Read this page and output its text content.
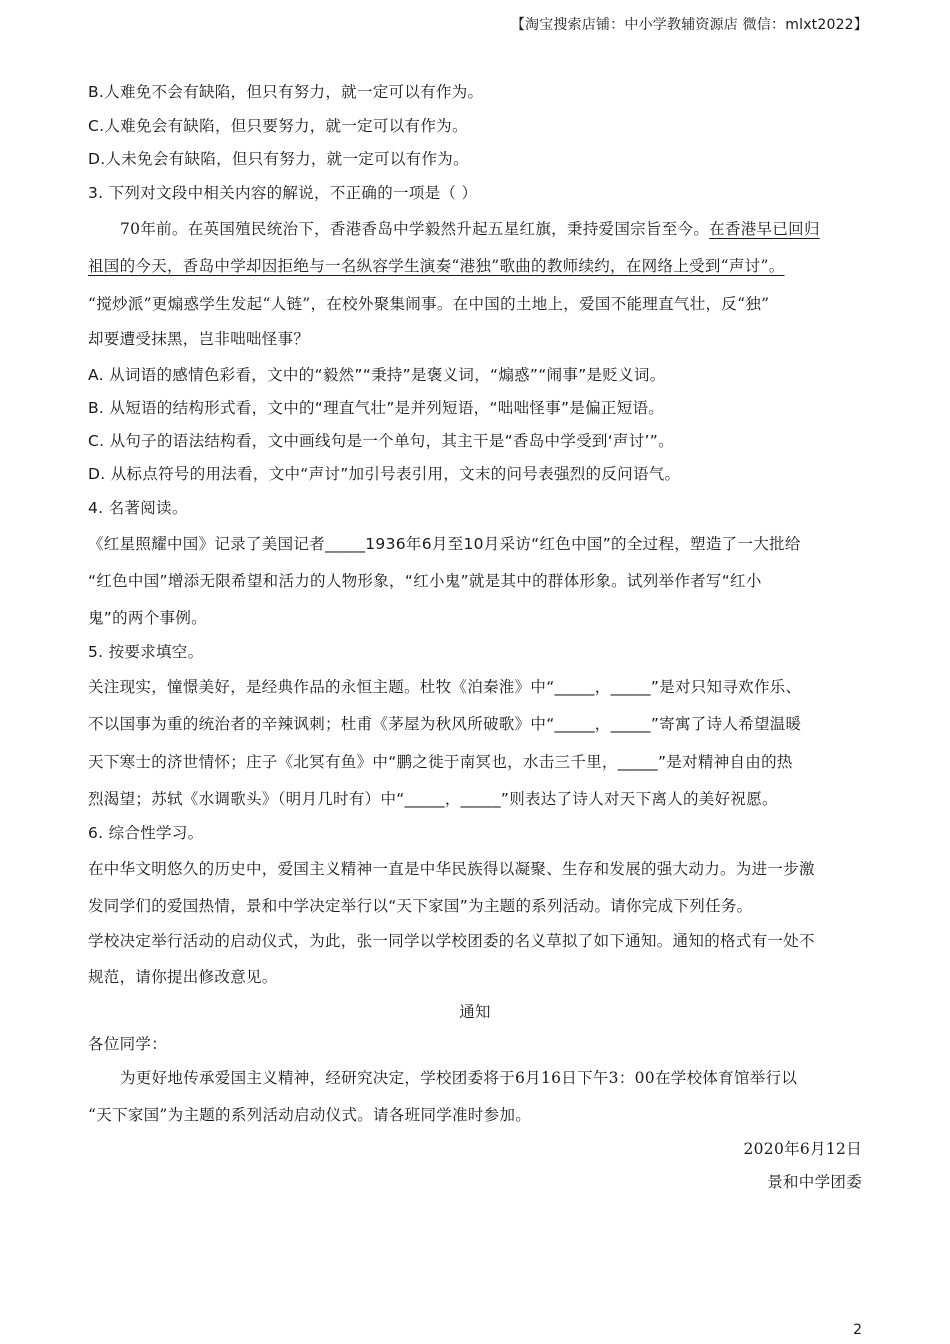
【淘宝搜索店铺：中小学教辅资源店 微信：mlxt2022】
B.人难免不会有缺陷，但只有努力，就一定可以有作为。
C.人难免会有缺陷，但只要努力，就一定可以有作为。
D.人未免会有缺陷，但只有努力，就一定可以有作为。
3. 下列对文段中相关内容的解说，不正确的一项是（ ）
70年前。在英国殖民统治下，香港香岛中学毅然升起五星红旗，秉持爱国宗旨至今。在香港早已回归
祖国的今天，香岛中学却因拒绝与一名纵容学生演奏“港独”歌曲的教师续约，在网络上受到“声讨”。
“搅炒派”更煽惑学生发起“人链”，在校外聚集闹事。在中国的土地上，爱国不能理直气壮，反“独”
却要遭受抹黑，岂非咄咄怪事？
A. 从词语的感情色彩看，文中的“毅然”“秉持”是褒义词，“煽惑”“闹事”是贬义词。
B. 从短语的结构形式看，文中的“理直气壮”是并列短语，“咄咄怪事”是偏正短语。
C. 从句子的语法结构看，文中画线句是一个单句，其主干是“香岛中学受到‘声讨’”。
D. 从标点符号的用法看，文中“声讨”加引号表引用，文末的问号表强烈的反问语气。
4. 名著阅读。
《红星照耀中国》记录了美国记者_____1936年6月至10月采访“红色中国”的全过程，塑造了一大批给
“红色中国”增添无限希望和活力的人物形象，“红小鬼”就是其中的群体形象。试列举作者写“红小
鬼”的两个事例。
5. 按要求填空。
关注现实，憧憬美好，是经典作品的永恒主题。杜牧《泊秦淮》中“_____，_____”是对只知寻欢作乐、
不以国事为重的统治者的辛辣讽刺；杜甫《茅屋为秋风所破歌》中“_____，_____”寄寓了诗人希望温暖
天下寒士的济世情怀；庄子《北冥有鱼》中“鹏之徙于南冥也，水击三千里，_____”是对精神自由的热
烈渴望；苏轼《水调歌头》（明月几时有）中“_____，_____”则表达了诗人对天下离人的美好祝愿。
6. 综合性学习。
在中华文明悠久的历史中，爱国主义精神一直是中华民族得以凝聚、生存和发展的强大动力。为进一步激
发同学们的爱国热情，景和中学决定举行以“天下家国”为主题的系列活动。请你完成下列任务。
学校决定举行活动的启动仪式，为此，张一同学以学校团委的名义草拟了如下通知。通知的格式有一处不
规范，请你提出修改意见。
通知
各位同学：
为更好地传承爱国主义精神，经研究决定，学校团委将于6月16日下午3：00在学校体育馆举行以
“天下家国”为主题的系列活动启动仪式。请各班同学准时参加。
2020年6月12日
景和中学团委
2
